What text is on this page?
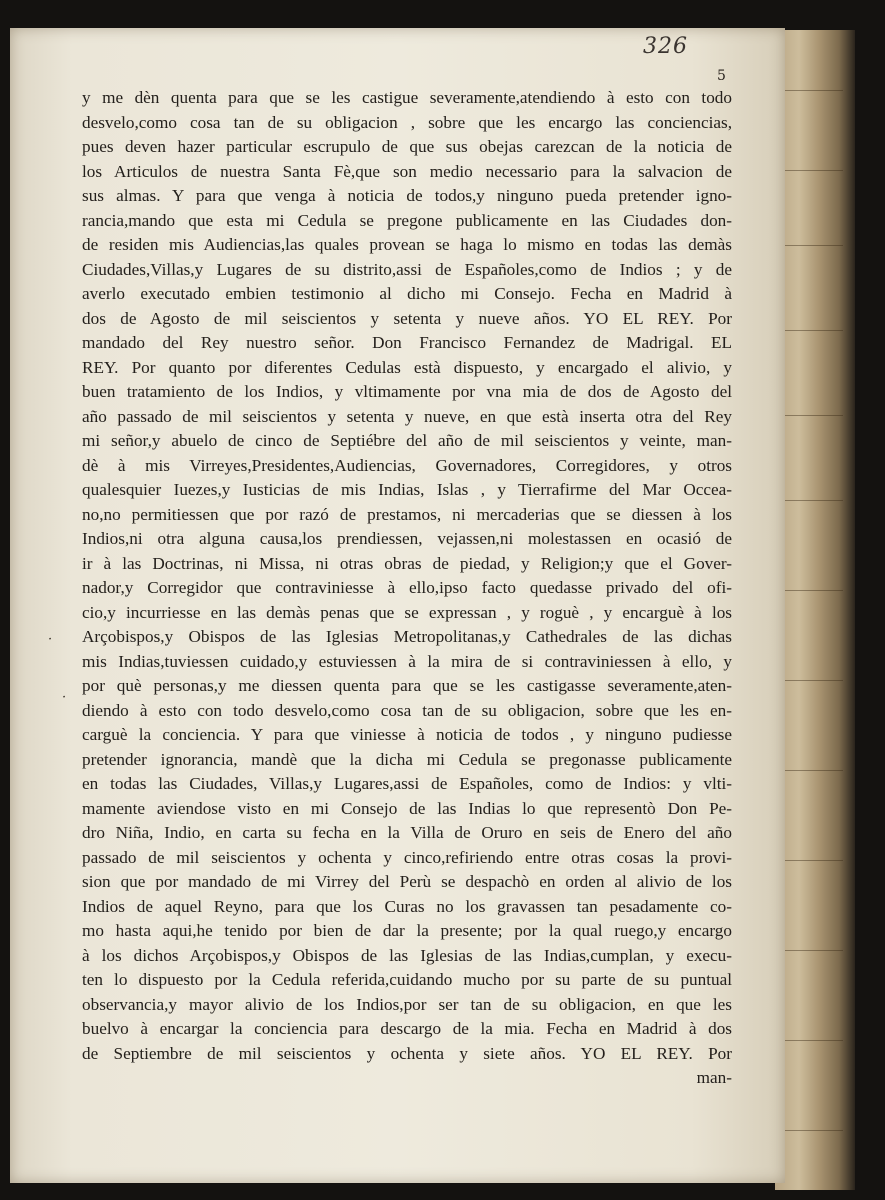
326
5
y me dèn quenta para que se les castigue severamente,atendiendo à esto con todo
desvelo,como cosa tan de su obligacion , sobre que les encargo las conciencias,
pues deven hazer particular escrupulo de que sus obejas carezcan de la noticia de
los Articulos de nuestra Santa Fè,que son medio necessario para la salvacion de
sus almas. Y para que venga à noticia de todos,y ninguno pueda pretender igno-
rancia,mando que esta mi Cedula se pregone publicamente en las Ciudades don-
de residen mis Audiencias,las quales provean se haga lo mismo en todas las demàs
Ciudades,Villas,y Lugares de su distrito,assi de Españoles,como de Indios ; y de
averlo executado embien testimonio al dicho mi Consejo. Fecha en Madrid à
dos de Agosto de mil seiscientos y setenta y nueve años. YO EL REY. Por
mandado del Rey nuestro señor. Don Francisco Fernandez de Madrigal. EL
REY. Por quanto por diferentes Cedulas està dispuesto, y encargado el alivio, y
buen tratamiento de los Indios, y vltimamente por vna mia de dos de Agosto del
año passado de mil seiscientos y setenta y nueve, en que està inserta otra del Rey
mi señor,y abuelo de cinco de Septiébre del año de mil seiscientos y veinte, man-
dè à mis Virreyes,Presidentes,Audiencias, Governadores, Corregidores, y otros
qualesquier Iuezes,y Iusticias de mis Indias, Islas , y Tierrafirme del Mar Occea-
no,no permitiessen que por razó de prestamos, ni mercaderias que se diessen à los
Indios,ni otra alguna causa,los prendiessen, vejassen,ni molestassen en ocasió de
ir à las Doctrinas, ni Missa, ni otras obras de piedad, y Religion;y que el Gover-
nador,y Corregidor que contraviniesse à ello,ipso facto quedasse privado del ofi-
cio,y incurriesse en las demàs penas que se expressan , y roguè , y encarguè à los
Arçobispos,y Obispos de las Iglesias Metropolitanas,y Cathedrales de las dichas
mis Indias,tuviessen cuidado,y estuviessen à la mira de si contraviniessen à ello, y
por què personas,y me diessen quenta para que se les castigasse severamente,aten-
diendo à esto con todo desvelo,como cosa tan de su obligacion, sobre que les en-
carguè la conciencia. Y para que viniesse à noticia de todos , y ninguno pudiesse
pretender ignorancia, mandè que la dicha mi Cedula se pregonasse publicamente
en todas las Ciudades, Villas,y Lugares,assi de Españoles, como de Indios: y vlti-
mamente aviendose visto en mi Consejo de las Indias lo que representò Don Pe-
dro Niña, Indio, en carta su fecha en la Villa de Oruro en seis de Enero del año
passado de mil seiscientos y ochenta y cinco,refiriendo entre otras cosas la provi-
sion que por mandado de mi Virrey del Perù se despachò en orden al alivio de los
Indios de aquel Reyno, para que los Curas no los gravassen tan pesadamente co-
mo hasta aqui,he tenido por bien de dar la presente; por la qual ruego,y encargo
à los dichos Arçobispos,y Obispos de las Iglesias de las Indias,cumplan, y execu-
ten lo dispuesto por la Cedula referida,cuidando mucho por su parte de su puntual
observancia,y mayor alivio de los Indios,por ser tan de su obligacion, en que les
buelvo à encargar la conciencia para descargo de la mia. Fecha en Madrid à dos
de Septiembre de mil seiscientos y ochenta y siete años. YO EL REY. Por
man-
·
·
